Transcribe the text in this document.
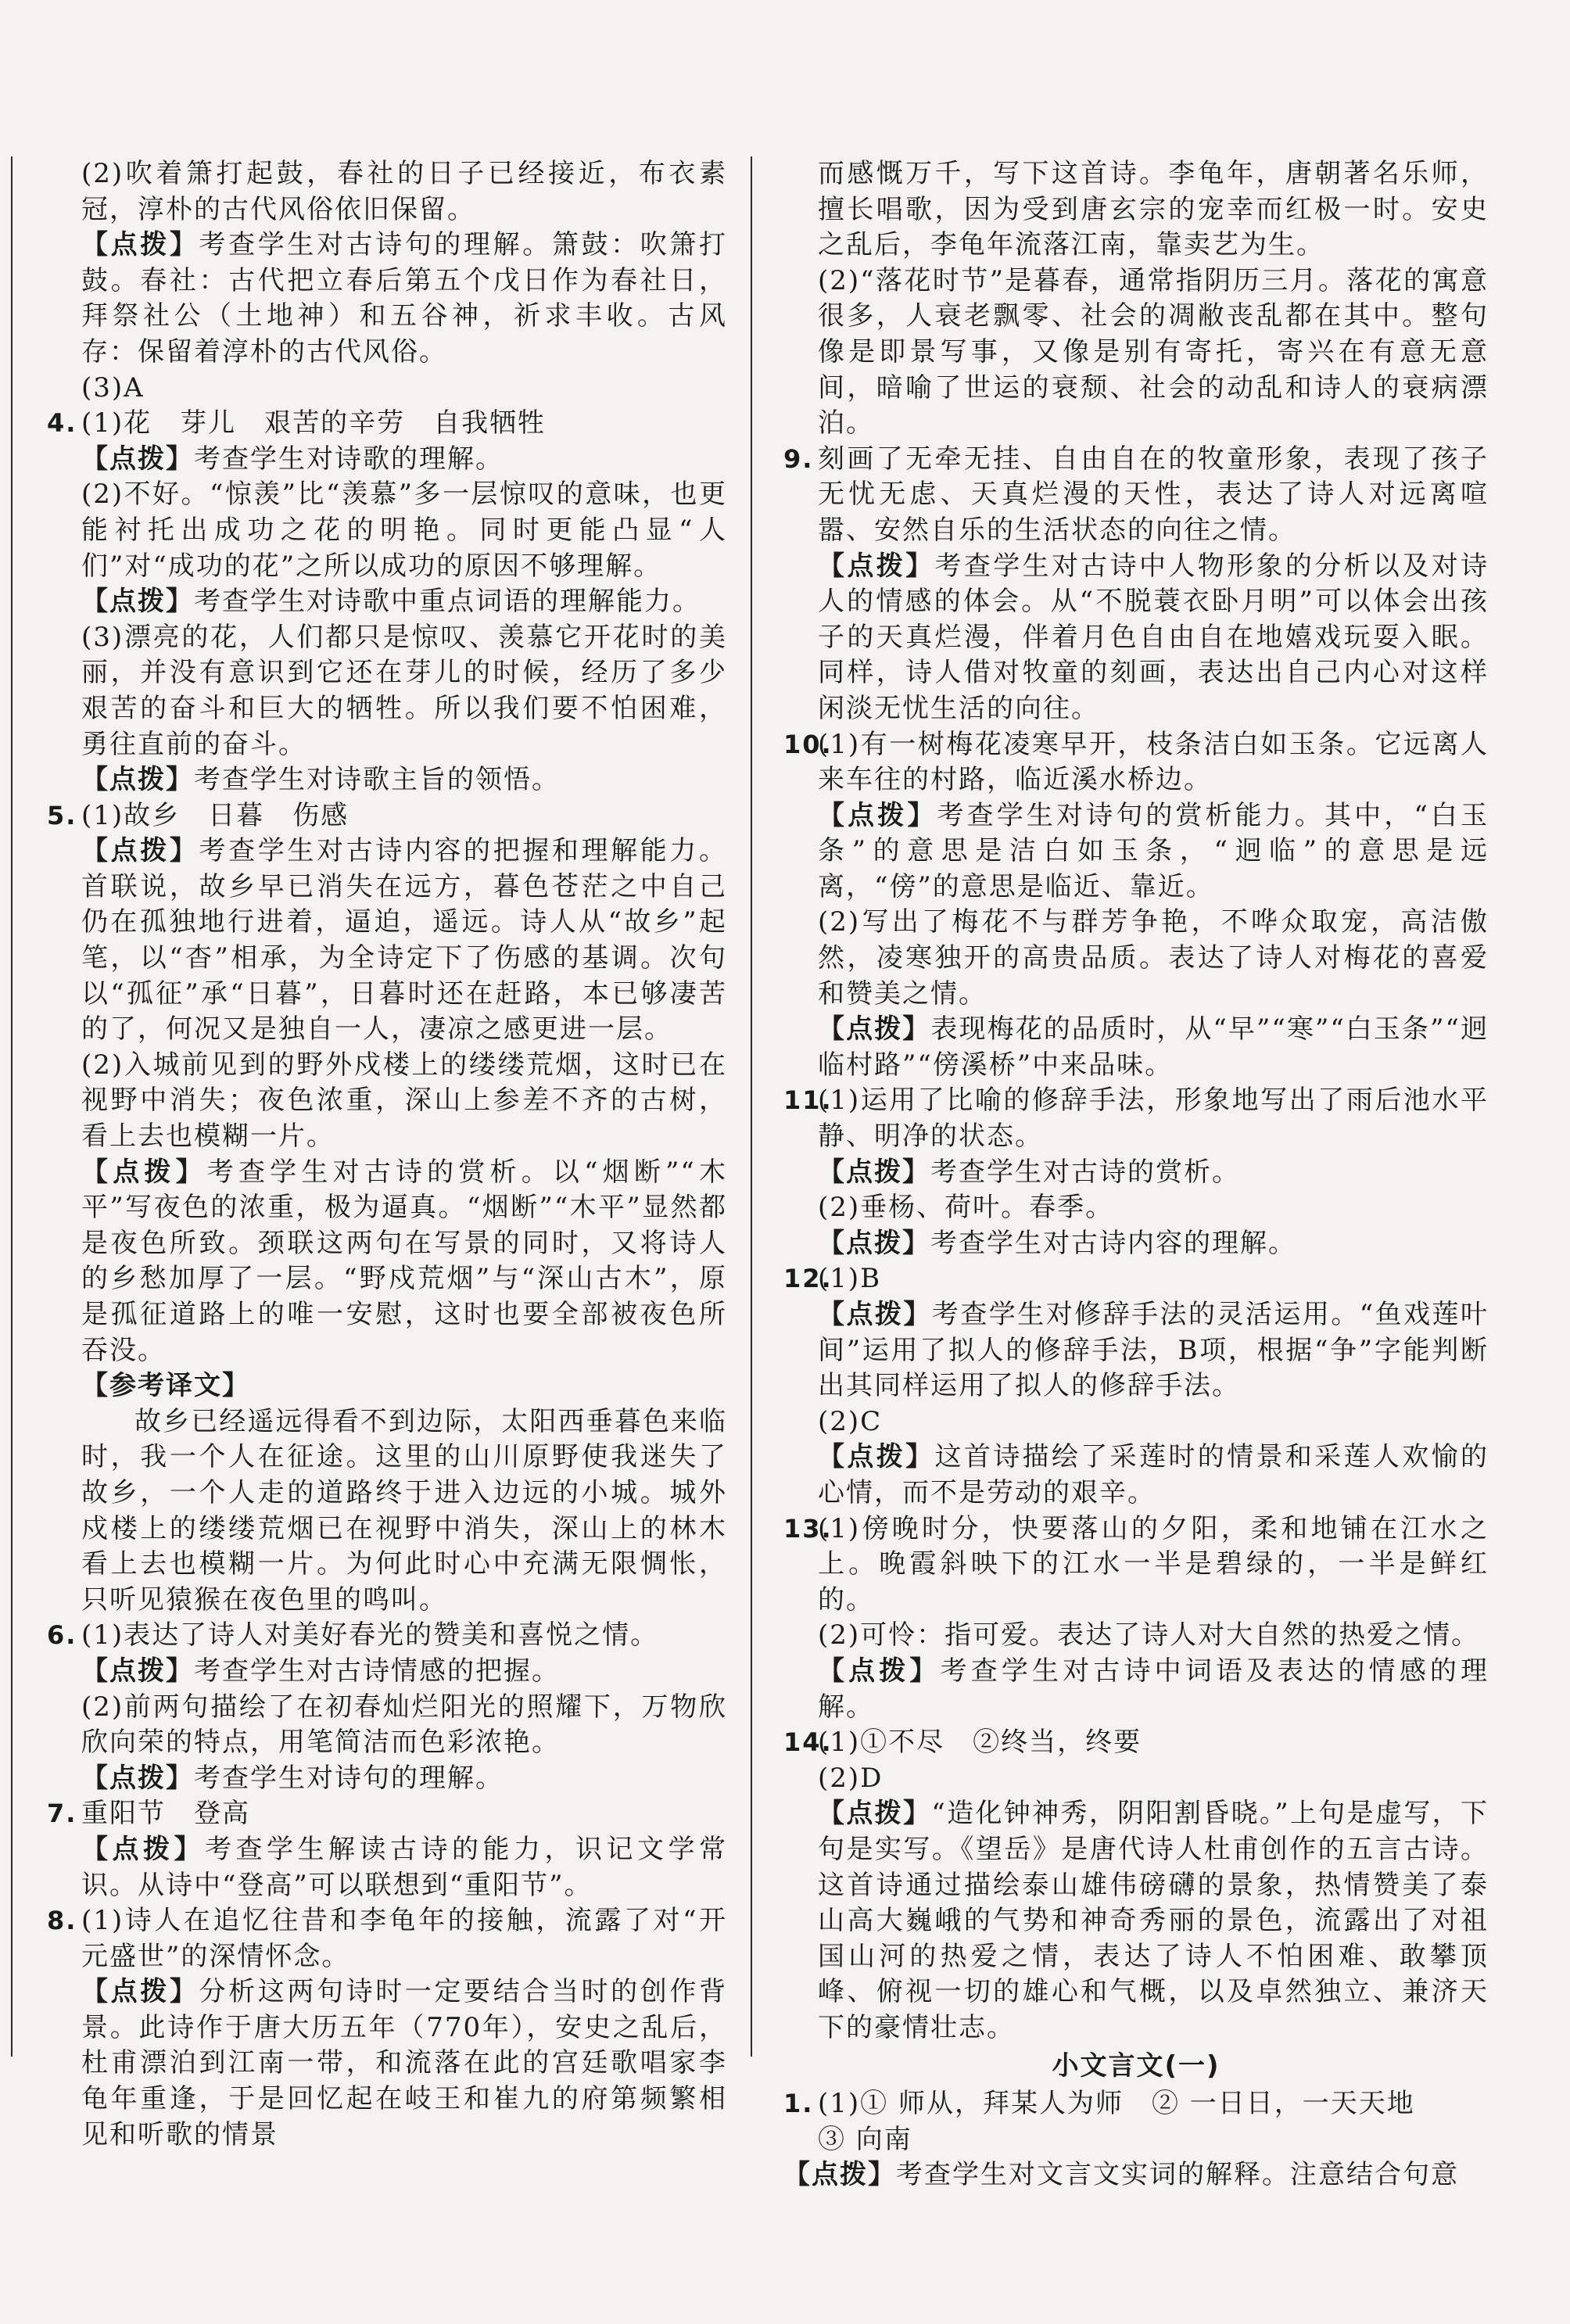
(2)吹着箫打起鼓，春社的日子已经接近，布衣素冠，淳朴的古代风俗依旧保留。
【点拨】考查学生对古诗句的理解。箫鼓：吹箫打鼓。春社：古代把立春后第五个戊日作为春社日，拜祭社公（土地神）和五谷神，祈求丰收。古风存：保留着淳朴的古代风俗。
(3)A
4. (1)花　芽儿　艰苦的辛劳　自我牺牲
【点拨】考查学生对诗歌的理解。
(2)不好。“惊羡”比“羡慕”多一层惊叹的意味，也更能衬托出成功之花的明艳。同时更能凸显“人们”对“成功的花”之所以成功的原因不够理解。
【点拨】考查学生对诗歌中重点词语的理解能力。
(3)漂亮的花，人们都只是惊叹、羡慕它开花时的美丽，并没有意识到它还在芽儿的时候，经历了多少艰苦的奋斗和巨大的牺牲。所以我们要不怕困难，勇往直前的奋斗。
【点拨】考查学生对诗歌主旨的领悟。
5. (1)故乡　日暮　伤感
【点拨】考查学生对古诗内容的把握和理解能力。首联说，故乡早已消失在远方，暮色苍茫之中自己仍在孤独地行进着，逼迫，遥远。诗人从“故乡”起笔，以“杳”相承，为全诗定下了伤感的基调。次句以“孤征”承“日暮”，日暮时还在赶路，本已够凄苦的了，何况又是独自一人，凄凉之感更进一层。
(2)入城前见到的野外戍楼上的缕缕荒烟，这时已在视野中消失；夜色浓重，深山上参差不齐的古树，看上去也模糊一片。
【点拨】考查学生对古诗的赏析。以“烟断”“木平”写夜色的浓重，极为逼真。“烟断”“木平”显然都是夜色所致。颈联这两句在写景的同时，又将诗人的乡愁加厚了一层。“野戍荒烟”与“深山古木”，原是孤征道路上的唯一安慰，这时也要全部被夜色所吞没。
【参考译文】
故乡已经遥远得看不到边际，太阳西垂暮色来临时，我一个人在征途。这里的山川原野使我迷失了故乡，一个人走的道路终于进入边远的小城。城外戍楼上的缕缕荒烟已在视野中消失，深山上的林木看上去也模糊一片。为何此时心中充满无限惆怅，只听见猿猴在夜色里的鸣叫。
6. (1)表达了诗人对美好春光的赞美和喜悦之情。
【点拨】考查学生对古诗情感的把握。
(2)前两句描绘了在初春灿烂阳光的照耀下，万物欣欣向荣的特点，用笔简洁而色彩浓艳。
【点拨】考查学生对诗句的理解。
7. 重阳节　登高
【点拨】考查学生解读古诗的能力，识记文学常识。从诗中“登高”可以联想到“重阳节”。
8. (1)诗人在追忆往昔和李龟年的接触，流露了对“开元盛世”的深情怀念。
【点拨】分析这两句诗时一定要结合当时的创作背景。此诗作于唐大历五年（770年），安史之乱后，杜甫漂泊到江南一带，和流落在此的宫廷歌唱家李龟年重逢，于是回忆起在岐王和崔九的府第频繁相见和听歌的情景
而感慨万千，写下这首诗。李龟年，唐朝著名乐师，擅长唱歌，因为受到唐玄宗的宠幸而红极一时。安史之乱后，李龟年流落江南，靠卖艺为生。
(2)“落花时节”是暮春，通常指阴历三月。落花的寓意很多，人衰老飘零、社会的凋敝丧乱都在其中。整句像是即景写事，又像是别有寄托，寄兴在有意无意间，暗喻了世运的衰颓、社会的动乱和诗人的衰病漂泊。
9. 刻画了无牵无挂、自由自在的牧童形象，表现了孩子无忧无虑、天真烂漫的天性，表达了诗人对远离喧嚣、安然自乐的生活状态的向往之情。
【点拨】考查学生对古诗中人物形象的分析以及对诗人的情感的体会。从“不脱蓑衣卧月明”可以体会出孩子的天真烂漫，伴着月色自由自在地嬉戏玩耍入眠。同样，诗人借对牧童的刻画，表达出自己内心对这样闲淡无忧生活的向往。
10.
(1)有一树梅花凌寒早开，枝条洁白如玉条。它远离人来车往的村路，临近溪水桥边。
【点拨】考查学生对诗句的赏析能力。其中，“白玉条”的意思是洁白如玉条，“迥临”的意思是远离，“傍”的意思是临近、靠近。
(2)写出了梅花不与群芳争艳，不哗众取宠，高洁傲然，凌寒独开的高贵品质。表达了诗人对梅花的喜爱和赞美之情。
【点拨】表现梅花的品质时，从“早”“寒”“白玉条”“迥临村路”“傍溪桥”中来品味。
11.
(1)运用了比喻的修辞手法，形象地写出了雨后池水平静、明净的状态。
【点拨】考查学生对古诗的赏析。
(2)垂杨、荷叶。春季。
【点拨】考查学生对古诗内容的理解。
12.
(1)B
【点拨】考查学生对修辞手法的灵活运用。“鱼戏莲叶间”运用了拟人的修辞手法，B项，根据“争”字能判断出其同样运用了拟人的修辞手法。
(2)C
【点拨】这首诗描绘了采莲时的情景和采莲人欢愉的心情，而不是劳动的艰辛。
13.
(1)傍晚时分，快要落山的夕阳，柔和地铺在江水之上。晚霞斜映下的江水一半是碧绿的，一半是鲜红的。
(2)可怜：指可爱。表达了诗人对大自然的热爱之情。
【点拨】考查学生对古诗中词语及表达的情感的理解。
14.
(1)①不尽　②终当，终要
(2)D
【点拨】“造化钟神秀，阴阳割昏晓。”上句是虚写，下句是实写。《望岳》是唐代诗人杜甫创作的五言古诗。这首诗通过描绘泰山雄伟磅礴的景象，热情赞美了泰山高大巍峨的气势和神奇秀丽的景色，流露出了对祖国山河的热爱之情，表达了诗人不怕困难、敢攀顶峰、俯视一切的雄心和气概，以及卓然独立、兼济天下的豪情壮志。
小文言文(一)
1. (1)① 师从，拜某人为师　② 一日日，一天天地
③ 向南
【点拨】考查学生对文言文实词的解释。注意结合句意
